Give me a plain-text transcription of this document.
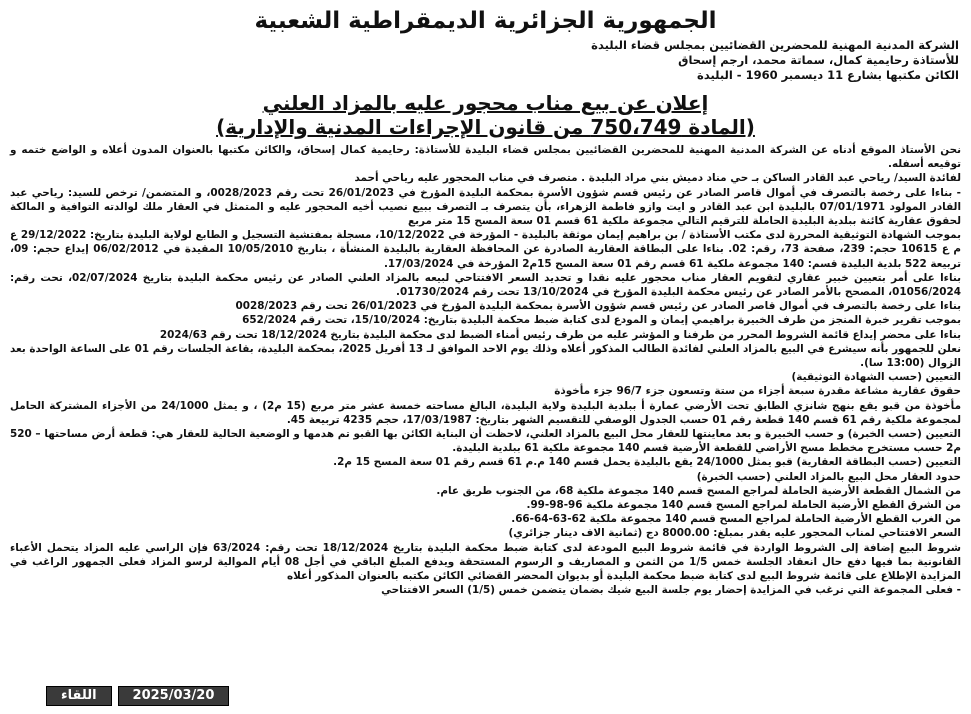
الجمهورية الجزائرية الديمقراطية الشعبية
الشركة المدنية المهنية للمحضرين القضائيين بمجلس قضاء البليدة
للأستاذة رحايمية كمال، سماتة محمد، ارجم إسحاق
الكائن مكتبها بشارع 11 ديسمبر 1960 - البليدة
إعلان عن بيع مناب محجور عليه بالمزاد العلني
(المادة 750،749 من قانون الإجراءات المدنية والإدارية)

نحن الأستاذ الموقع أدناه عن الشركة المدنية المهنية للمحضرين القضائيين بمجلس قضاء البليدة للأستاذة: رحايمية كمال إسحاق، والكائن مكتبها بالعنوان المدون أعلاه و الواضع ختمه و توقيعه أسفله.

لفائدة السيد/ رياحي عبد القادر الساكن بـ حي مناد دميش بني مراد البليدة . متصرف في مناب المحجور عليه رياحي أحمد

- بناءا على رخصة بالتصرف في أموال قاصر الصادر عن رئيس قسم شؤون الأسرة بمحكمة البليدة المؤرخ في 26/01/2023 تحت رقم 0028/2023، و المتضمن/ ترخص للسيد: رياحي عبد القادر المولود 07/01/1971 بالبليدة ابن عبد القادر و ايت وازو فاطمة الزهراء، بأن يتصرف بـ التصرف ببيع نصيب أخيه المحجور عليه و المتمثل في العقار ملك لوالدته التوافية و المالكة لحقوق عقارية كائنة ببلدية البليدة الحاملة للترقيم التالي مجموعة ملكية 61 قسم 01 سعة المسح 15 متر مربع

بموجب الشهادة التوثيقية المحررة لدى مكتب الأستاذة / بن براهيم إيمان موثقة بالبليدة - المؤرخة في 10/12/2022، مسجلة بمفتشية التسجيل و الطابع لولاية البليدة بتاريخ: 29/12/2022 ع م ع 10615 حجم: 239، صفحة 73، رقم: 02. بناءا على البطاقة العقارية الصادرة عن المحافظة العقارية بالبليدة المنشأة ، بتاريخ 10/05/2010 المقيدة في 06/02/2012 إيداع حجم: 09، تربيعة 522 بلدية البليدة قسم: 140 مجموعة ملكية 61 قسم رقم 01 سعة المسح 15م2 المؤرخة في 17/03/2024.

بناءا على أمر بتعيين خبير عقاري لتقويم العقار مناب محجور عليه نقدا و تحديد السعر الافتتاحي لبيعه بالمزاد العلني الصادر عن رئيس محكمة البليدة بتاريخ 02/07/2024، تحت رقم: 01056/2024، المصحح بالأمر الصادر عن رئيس محكمة البليدة المؤرخ في 13/10/2024 تحت رقم 01730/2024.

بناءا على رخصة بالتصرف في أموال قاصر الصادر عن رئيس قسم شؤون الأسرة بمحكمة البليدة المؤرخ في 26/01/2023 تحت رقم 0028/2023

بموجب تقرير خبرة المنجز من طرف الخبيرة براهيمي إيمان و المودع لدى كتابة ضبط محكمة البليدة بتاريخ: 15/10/2024، تحت رقم 652/2024

بناءا على محضر إيداع قائمة الشروط المحرر من طرفنا و المؤشر عليه من طرف رئيس أمناء الضبط لدى محكمة البليدة بتاريخ 18/12/2024 تحت رقم 2024/63

نعلن للجمهور بأنه سيشرع في البيع بالمزاد العلني لفائدة الطالب المذكور أعلاه وذلك يوم الاحد الموافق لـ 13 أفريل 2025، بمحكمة البليدة، بقاعة الجلسات رقم 01 على الساعة الواحدة بعد الزوال (13:00 سا).

التعيين (حسب الشهادة التوثيقية)

حقوق عقارية مشاعة مقدرة سبعة أجزاء من ستة وتسعون جزء 96/7 جزء مأخوذة

مأخوذة من قبو يقع بنهج شانزي الطابق تحت الأرضي عمارة أ ببلدية البليدة ولاية البليدة، البالغ مساحته خمسة عشر متر مربع (15 م2) ، و يمثل 24/1000 من الأجزاء المشتركة الحامل لمجموعة ملكية رقم 61 قسم 140 قطعة رقم 01 حسب الجدول الوصفي للتقسيم الشهر بتاريخ: 17/03/1987، حجم 4235 تربيعة 45.

التعيين (حسب الخبرة) و حسب الخبيرة و بعد معاينتها للعقار محل البيع بالمزاد العلني، لاحظت أن البناية الكائن بها القبو تم هدمها و الوضعية الحالية للعقار هي: قطعة أرض مساحتها – 520 م2 حسب مستخرج مخطط مسح الأراضي للقطعة الأرضية قسم 140 مجموعة ملكية 61 ببلدية البليدة.

التعيين (حسب البطاقة العقارية) قبو يمثل 24/1000 يقع بالبليدة يحمل قسم 140 م.م 61 قسم رقم 01 سعة المسح 15 م2.

حدود العقار محل البيع بالمزاد العلني (حسب الخبرة)

من الشمال القطعة الأرضية الحاملة لمراجع المسح قسم 140 مجموعة ملكية 68، من الجنوب طريق عام.

من الشرق القطع الأرضية الحاملة لمراجع المسح قسم 140 مجموعة ملكية 96-98-99.

من الغرب القطع الأرضية الحاملة لمراجع المسح قسم 140 مجموعة ملكية 62-63-64-66.

السعر الافتتاحي لمناب المحجور عليه يقدر بمبلغ: 8000.00 دج (ثمانية الاف دينار جزائري)

شروط البيع إضافة إلى الشروط الواردة في قائمة شروط البيع المودعة لدى كتابة ضبط محكمة البليدة بتاريخ 18/12/2024 تحت رقم: 63/2024 فإن الراسي عليه المزاد يتحمل الأعباء القانونية بما فيها دفع حال انعقاد الجلسة خمس 1/5 من الثمن و المصاريف و الرسوم المستحقة ويدفع المبلغ الباقي في أجل 08 أيام الموالية لرسو المزاد فعلى الجمهور الراغب في المزايدة الإطلاع على قائمة شروط البيع لدى كتابة ضبط محكمة البليدة أو بديوان المحضر القضائي الكائن مكتبه بالعنوان المذكور أعلاه

- فعلى المجموعة التي ترغب في المزايدة إحضار يوم جلسة البيع شيك بضمان يتضمن خمس (1/5) السعر الافتتاحي

اللقاء	2025/03/20
